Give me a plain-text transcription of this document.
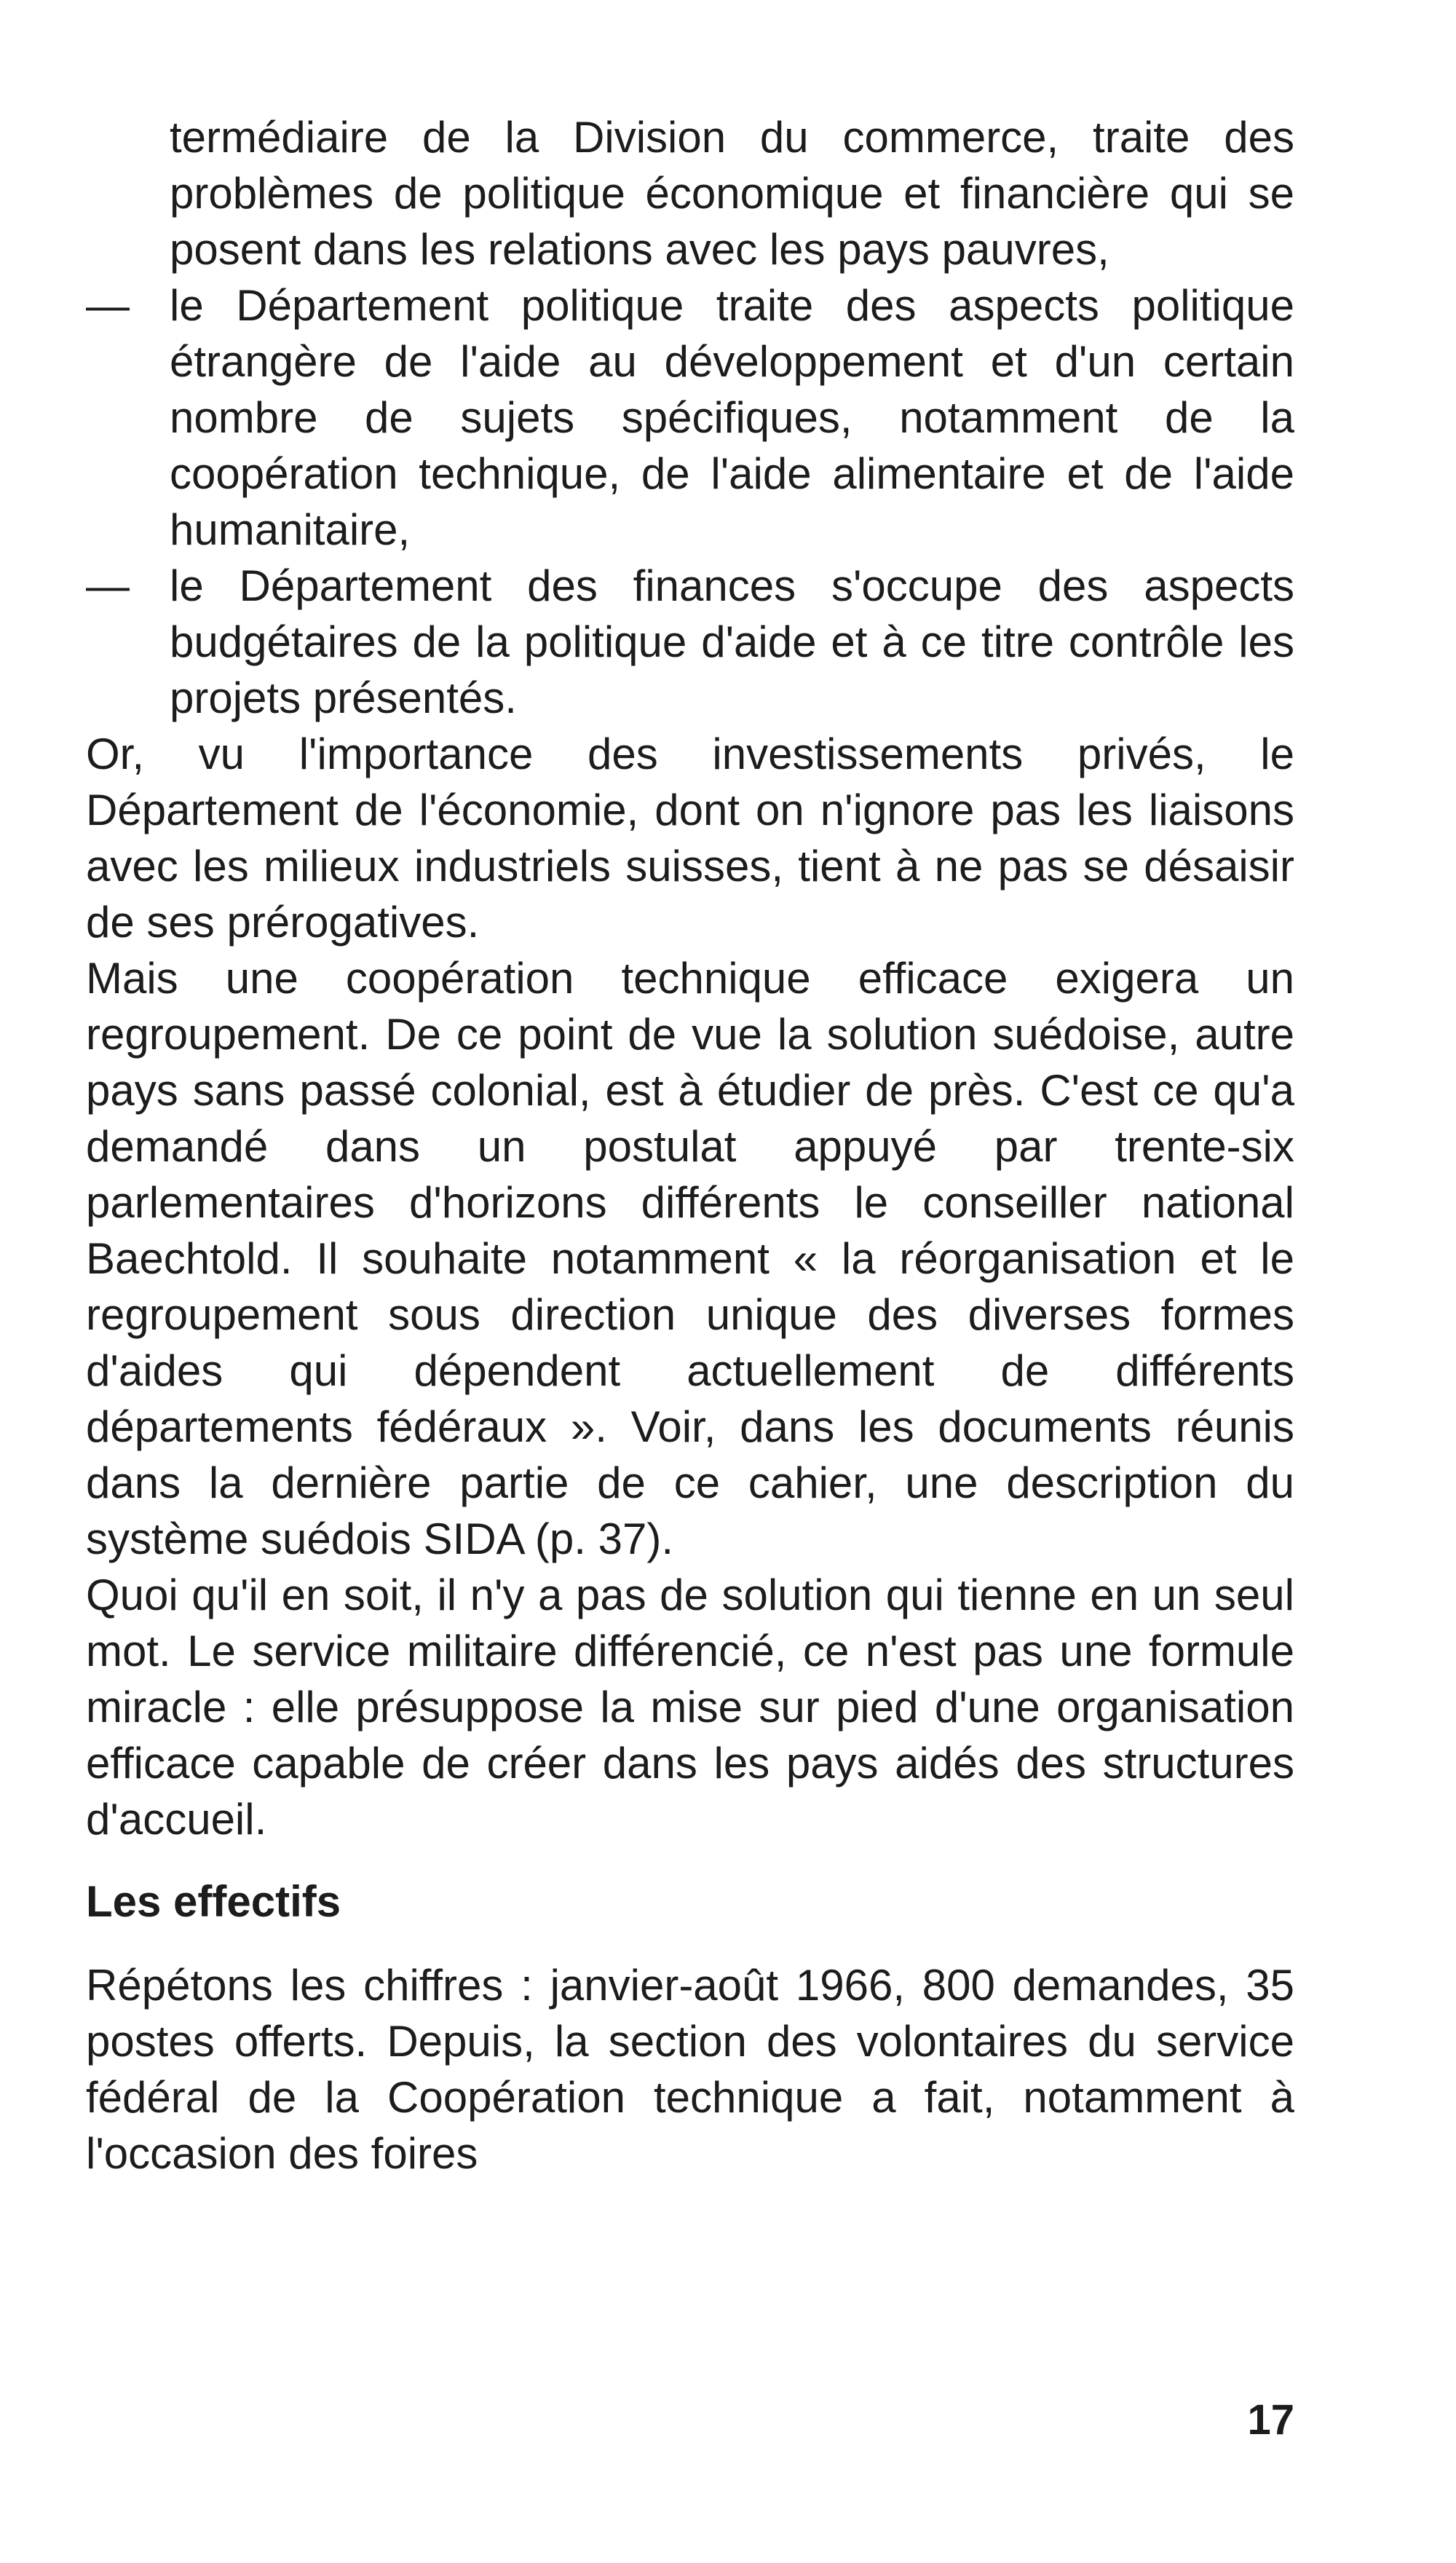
termédiaire de la Division du commerce, traite des problèmes de politique économique et financière qui se posent dans les relations avec les pays pauvres,

— le Département politique traite des aspects politique étrangère de l'aide au développement et d'un certain nombre de sujets spécifiques, notamment de la coopération technique, de l'aide alimentaire et de l'aide humanitaire,
— le Département des finances s'occupe des aspects budgétaires de la politique d'aide et à ce titre contrôle les projets présentés.

Or, vu l'importance des investissements privés, le Département de l'économie, dont on n'ignore pas les liaisons avec les milieux industriels suisses, tient à ne pas se désaisir de ses prérogatives.

Mais une coopération technique efficace exigera un regroupement. De ce point de vue la solution suédoise, autre pays sans passé colonial, est à étudier de près. C'est ce qu'a demandé dans un postulat appuyé par trente-six parlementaires d'horizons différents le conseiller national Baechtold. Il souhaite notamment « la réorganisation et le regroupement sous direction unique des diverses formes d'aides qui dépendent actuellement de différents départements fédéraux ». Voir, dans les documents réunis dans la dernière partie de ce cahier, une description du système suédois SIDA (p. 37).

Quoi qu'il en soit, il n'y a pas de solution qui tienne en un seul mot. Le service militaire différencié, ce n'est pas une formule miracle : elle présuppose la mise sur pied d'une organisation efficace capable de créer dans les pays aidés des structures d'accueil.

Les effectifs

Répétons les chiffres : janvier-août 1966, 800 demandes, 35 postes offerts. Depuis, la section des volontaires du service fédéral de la Coopération technique a fait, notamment à l'occasion des foires

17
